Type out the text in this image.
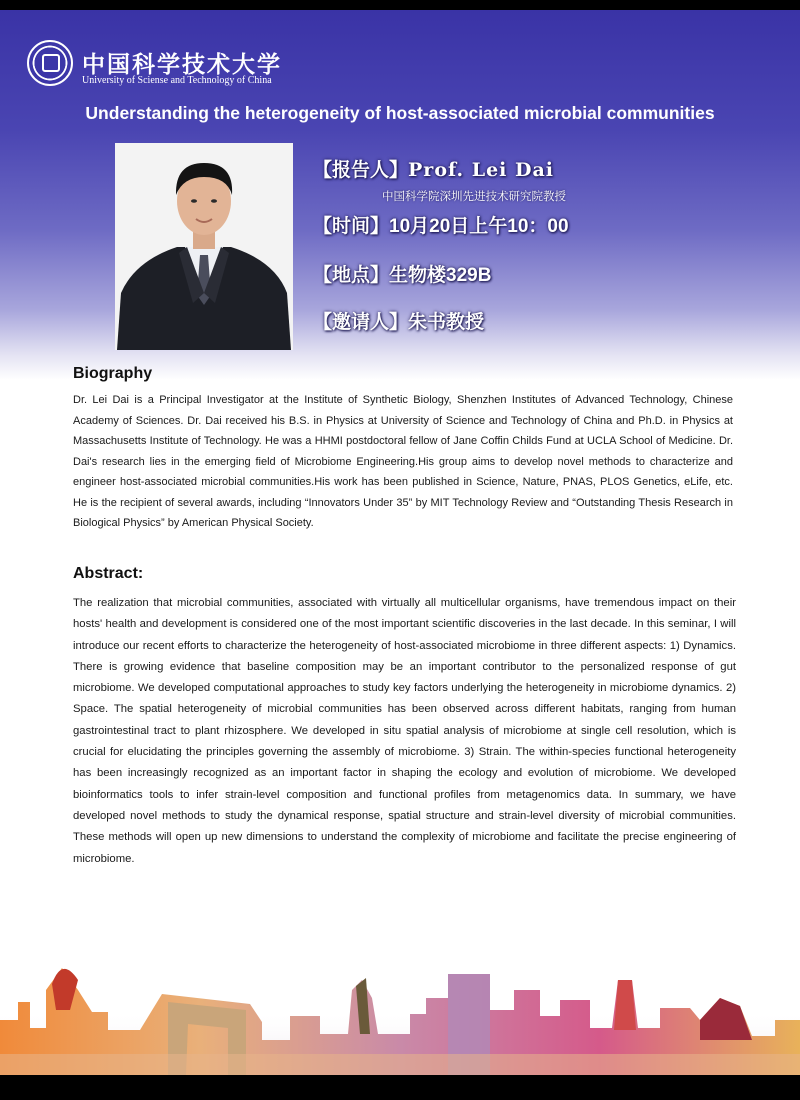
中国科学技术大学
University of Sciense and Technology of China
Understanding the heterogeneity of host-associated microbial communities
【报告人】Prof. Lei Dai
中国科学院深圳先进技术研究院教授
【时间】10月20日上午10：00
【地点】生物楼329B
【邀请人】朱书教授
Biography

Dr. Lei Dai is a Principal Investigator at the Institute of Synthetic Biology, Shenzhen Institutes of Advanced Technology, Chinese Academy of Sciences. Dr. Dai received his B.S. in Physics at University of Science and Technology of China and Ph.D. in Physics at Massachusetts Institute of Technology. He was a HHMI postdoctoral fellow of Jane Coffin Childs Fund at UCLA School of Medicine. Dr. Dai's research lies in the emerging field of Microbiome Engineering.His group aims to develop novel methods to characterize and engineer host-associated microbial communities.His work has been published in Science, Nature, PNAS, PLOS Genetics, eLife, etc. He is the recipient of several awards, including “Innovators Under 35” by MIT Technology Review and “Outstanding Thesis Research in Biological Physics” by American Physical Society.

Abstract:

The realization that microbial communities, associated with virtually all multicellular organisms, have tremendous impact on their hosts' health and development is considered one of the most important scientific discoveries in the last decade. In this seminar, I will introduce our recent efforts to characterize the heterogeneity of host-associated microbiome in three different aspects: 1) Dynamics. There is growing evidence that baseline composition may be an important contributor to the personalized response of gut microbiome. We developed computational approaches to study key factors underlying the heterogeneity in microbiome dynamics. 2) Space. The spatial heterogeneity of microbial communities has been observed across different habitats, ranging from human gastrointestinal tract to plant rhizosphere. We developed in situ spatial analysis of microbiome at single cell resolution, which is crucial for elucidating the principles governing the assembly of microbiome. 3) Strain. The within-species functional heterogeneity has been increasingly recognized as an important factor in shaping the ecology and evolution of microbiome. We developed bioinformatics tools to infer strain-level composition and functional profiles from metagenomics data. In summary, we have developed novel methods to study the dynamical response, spatial structure and strain-level diversity of microbial communities. These methods will open up new dimensions to understand the complexity of microbiome and facilitate the precise engineering of microbiome.
